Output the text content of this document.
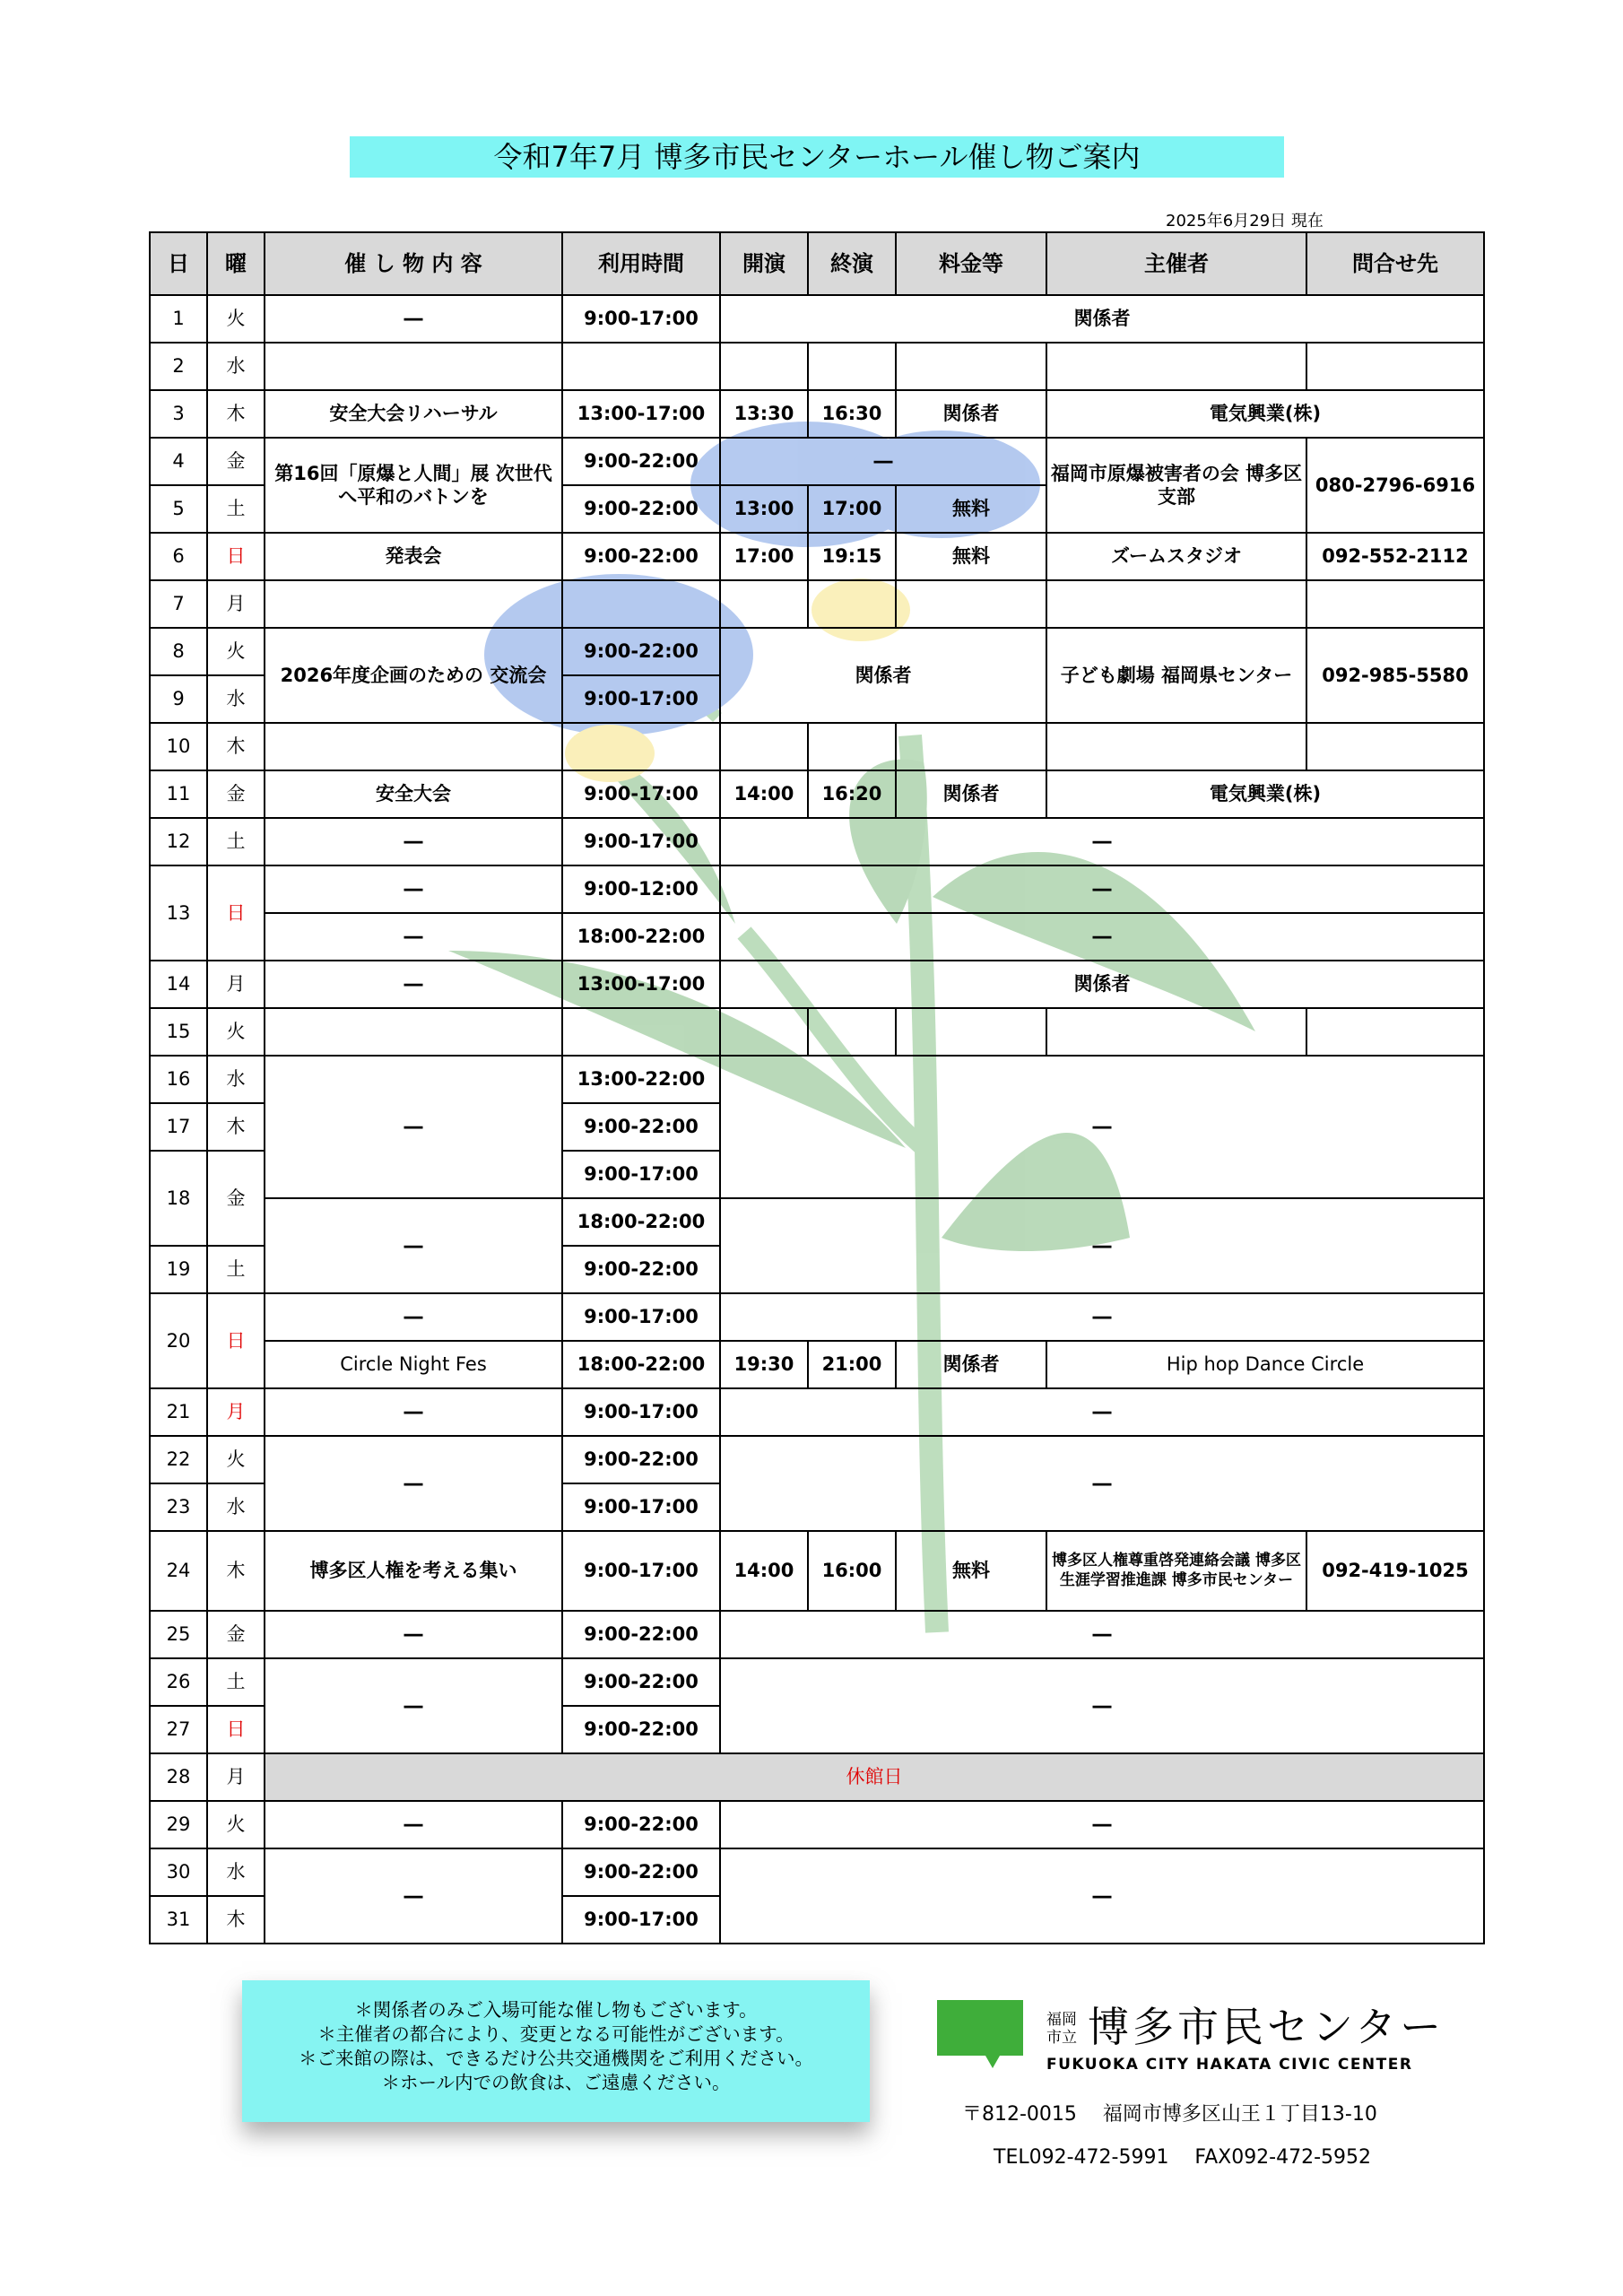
令和7年7月 博多市民センターホール催し物ご案内
2025年6月29日 現在
日	曜	催 し 物 内 容	利用時間	開演	終演	料金等	主催者	問合せ先
1	火	―	9:00-17:00	関係者				
2	水							
3	木	安全大会リハーサル	13:00-17:00	13:30	16:30	関係者	電気興業(株)	
4	金	第16回「原爆と人間」展 次世代へ平和のバトンを	9:00-22:00	―			福岡市原爆被害者の会 博多区支部	080-2796-6916
5	土		9:00-22:00	13:00	17:00	無料		
6	日	発表会	9:00-22:00	17:00	19:15	無料	ズームスタジオ	092-552-2112
7	月							
8	火	2026年度企画のための 交流会	9:00-22:00	関係者			子ども劇場 福岡県センター	092-985-5580
9	水		9:00-17:00					
10	木							
11	金	安全大会	9:00-17:00	14:00	16:20	関係者	電気興業(株)	
12	土	―	9:00-17:00	―				
13	日	―	9:00-12:00	―				
		―	18:00-22:00	―				
14	月	―	13:00-17:00	関係者				
15	火							
16	水	―	13:00-22:00	―				
17	木		9:00-22:00					
18	金		9:00-17:00					
		―	18:00-22:00	―				
19	土		9:00-22:00					
20	日	―	9:00-17:00	―				
		Circle Night Fes	18:00-22:00	19:30	21:00	関係者	Hip hop Dance Circle	
21	月	―	9:00-17:00	―				
22	火	―	9:00-22:00	―				
23	水		9:00-17:00					
24	木	博多区人権を考える集い	9:00-17:00	14:00	16:00	無料	博多区人権尊重啓発連絡会議 博多区生涯学習推進課 博多市民センター	092-419-1025
25	金	―	9:00-22:00	―				
26	土	―	9:00-22:00	―				
27	日		9:00-22:00					
28	月	休館日						
29	火	―	9:00-22:00	―				
30	水	―	9:00-22:00	―				
31	木		9:00-17:00					
＊関係者のみご入場可能な催し物もございます。
＊主催者の都合により、変更となる可能性がございます。
＊ご来館の際は、できるだけ公共交通機関をご利用ください。
＊ホール内での飲食は、ご遠慮ください。
福岡
市立 博多市民センター
FUKUOKA CITY HAKATA CIVIC CENTER
〒812-0015　 福岡市博多区山王１丁目13-10
TEL092-472-5991　 FAX092-472-5952
